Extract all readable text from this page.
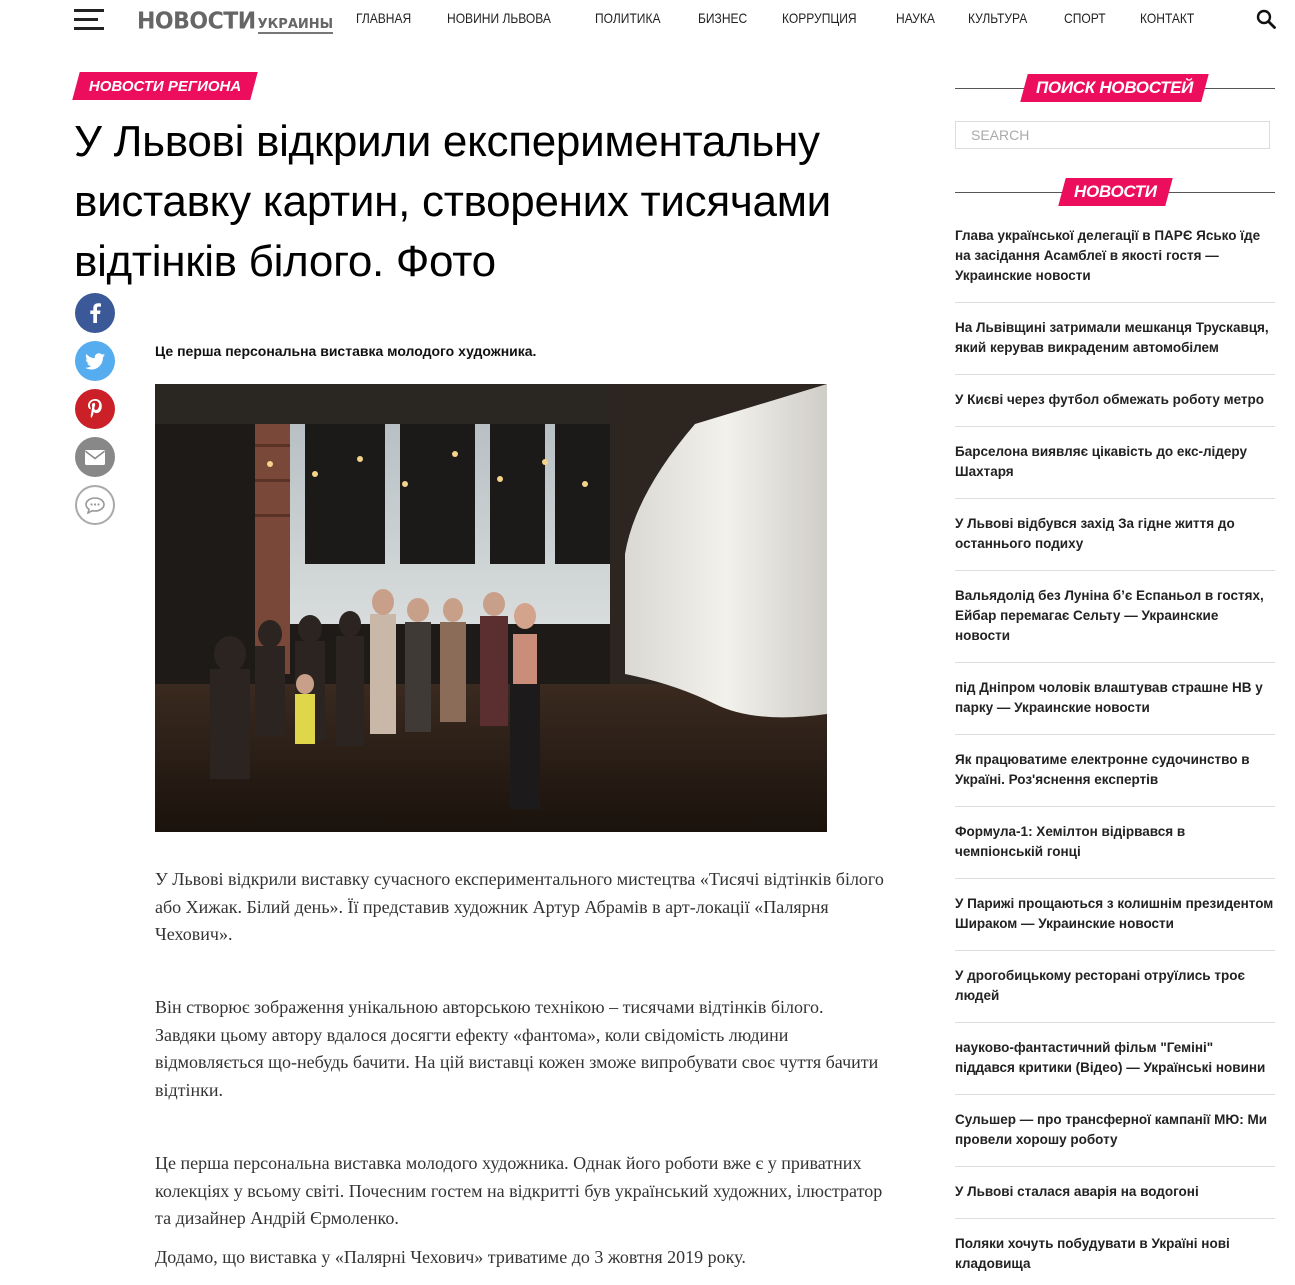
НОВОСТИ УКРАИНЫ ГЛАВНАЯ	НОВИНИ ЛЬВОВА	ПОЛИТИКА	БИЗНЕС	КОРРУПЦИЯ	НАУКА КУЛЬТУРА	СПОРТ КОНТАКТ
НОВОСТИ РЕГИОНА
У Львові відкрили експериментальну виставку картин, створених тисячами відтінків білого. Фото

Це перша персональна виставка молодого художника.

У Львові відкрили виставку сучасного експериментального мистецтва «Тисячі відтінків білого або Хижак. Білий день». Її представив художник Артур Абрамів в арт-локації «Палярня Чехович».

Він створює зображення унікальною авторською технікою – тисячами відтінків білого. Завдяки цьому автору вдалося досягти ефекту «фантома», коли свідомість людини відмовляється що-небудь бачити. На цій виставці кожен зможе випробувати своє чуття бачити відтінки.

Це перша персональна виставка молодого художника. Однак його роботи вже є у приватних колекціях у всьому світі. Почесним гостем на відкритті був український художних, ілюстратор та дизайнер Андрій Єрмоленко.

Додамо, що виставка у «Палярні Чехович» триватиме до 3 жовтня 2019 року.

ПОИСК НОВОСТЕЙ
SEARCH
НОВОСТИ
Глава української делегації в ПАРЄ Ясько їде на засідання Асамблеї в якості гостя — Украинские новости
На Львівщині затримали мешканця Трускавця, який керував викраденим автомобілем
У Києві через футбол обмежать роботу метро
Барселона виявляє цікавість до екс-лідеру Шахтаря
У Львові відбувся захід За гідне життя до останнього подиху
Вальядолід без Луніна б’є Еспаньол в гостях, Ейбар перемагає Сельту — Украинские новости
під Дніпром чоловік влаштував страшне НВ у парку — Украинские новости
Як працюватиме електронне судочинство в Україні. Роз'яснення експертів
Формула-1: Хемілтон відірвався в чемпіонській гонці
У Парижі прощаються з колишнім президентом Шираком — Украинские новости
У дрогобицькому ресторані отруїлись троє людей
науково-фантастичний фільм "Геміні" піддався критики (Відео) — Українські новини
Сульшер — про трансферної кампанії МЮ: Ми провели хорошу роботу
У Львові сталася аварія на водогоні
Поляки хочуть побудувати в Україні нові кладовища
